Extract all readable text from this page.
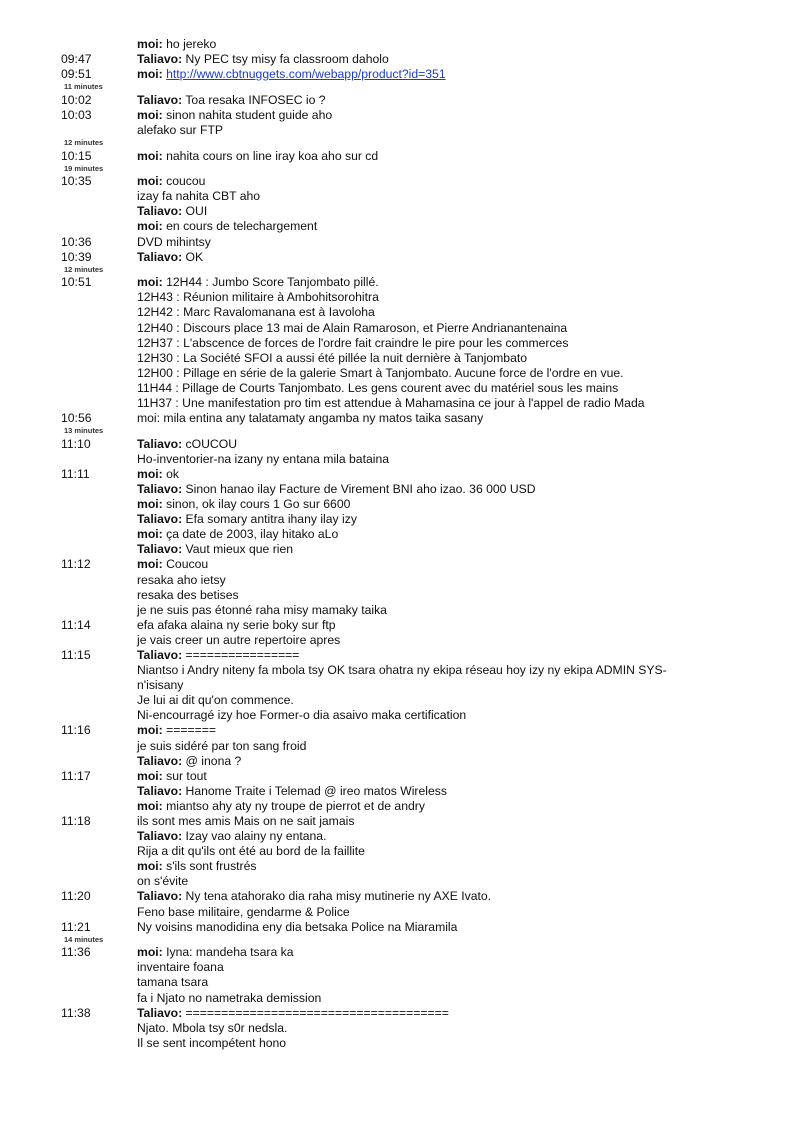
moi: ho jereko
09:47	Taliavo: Ny PEC tsy misy fa classroom daholo
09:51	moi: http://www.cbtnuggets.com/webapp/product?id=351
11 minutes
10:02	Taliavo: Toa resaka INFOSEC io ?
10:03	moi: sinon nahita student guide aho
alefako sur FTP
12 minutes
10:15	moi: nahita cours on line iray koa aho sur cd
19 minutes
10:35	moi: coucou
izay fa nahita CBT aho
Taliavo: OUI
moi: en cours de telechargement
10:36	DVD mihintsy
10:39	Taliavo: OK
12 minutes
10:51	moi: 12H44 : Jumbo Score Tanjombato pillé.
12H43 : Réunion militaire à Ambohitsorohitra
12H42 : Marc Ravalomanana est à Iavoloha
12H40 : Discours place 13 mai de Alain Ramaroson, et Pierre Andrianantenaina
12H37 : L'abscence de forces de l'ordre fait craindre le pire pour les commerces
12H30 : La Société SFOI a aussi été pillée la nuit dernière à Tanjombato
12H00 : Pillage en série de la galerie Smart à Tanjombato. Aucune force de l'ordre en vue.
11H44 : Pillage de Courts Tanjombato. Les gens courent avec du matériel sous les mains
11H37 : Une manifestation pro tim est attendue à Mahamasina ce jour à l'appel de radio Mada
10:56	moi: mila entina any talatamaty angamba ny matos taika sasany
13 minutes
11:10	Taliavo: cOUCOU
Ho-inventorier-na izany ny entana mila bataina
11:11	moi: ok
Taliavo: Sinon hanao ilay Facture de Virement BNI aho izao. 36 000 USD
moi: sinon, ok ilay cours 1 Go sur 6600
Taliavo: Efa somary antitra ihany ilay izy
moi: ça date de 2003, ilay hitako aLo
Taliavo: Vaut mieux que rien
11:12	moi: Coucou
resaka aho ietsy
resaka des betises
je ne suis pas étonné raha misy mamaky taika
11:14	efa afaka alaina ny serie boky sur ftp
je vais creer un autre repertoire apres
11:15	Taliavo: ================
Niantso i Andry niteny fa mbola tsy OK tsara ohatra ny ekipa réseau hoy izy ny ekipa ADMIN SYS-
n'isisany
Je lui ai dit qu'on commence.
Ni-encourragé izy hoe Former-o dia asaivo maka certification
11:16	moi: =======
je suis sidéré par ton sang froid
Taliavo: @ inona ?
11:17	moi: sur tout
Taliavo: Hanome Traite i Telemad @ ireo matos Wireless
moi: miantso ahy aty ny troupe de pierrot et de andry
11:18	ils sont mes amis Mais on ne sait jamais
Taliavo: Izay vao alainy ny entana.
Rija a dit qu'ils ont été au bord de la faillite
moi: s'ils sont frustrés
on s'évite
11:20	Taliavo: Ny tena atahorako dia raha misy mutinerie ny AXE Ivato.
Feno base militaire, gendarme & Police
11:21	Ny voisins manodidina eny dia betsaka Police na Miaramila
14 minutes
11:36	moi: Iyna: mandeha tsara ka
inventaire foana
tamana tsara
fa i Njato no nametraka demission
11:38	Taliavo: =====================================
Njato. Mbola tsy s0r nedsla.
Il se sent incompétent hono
